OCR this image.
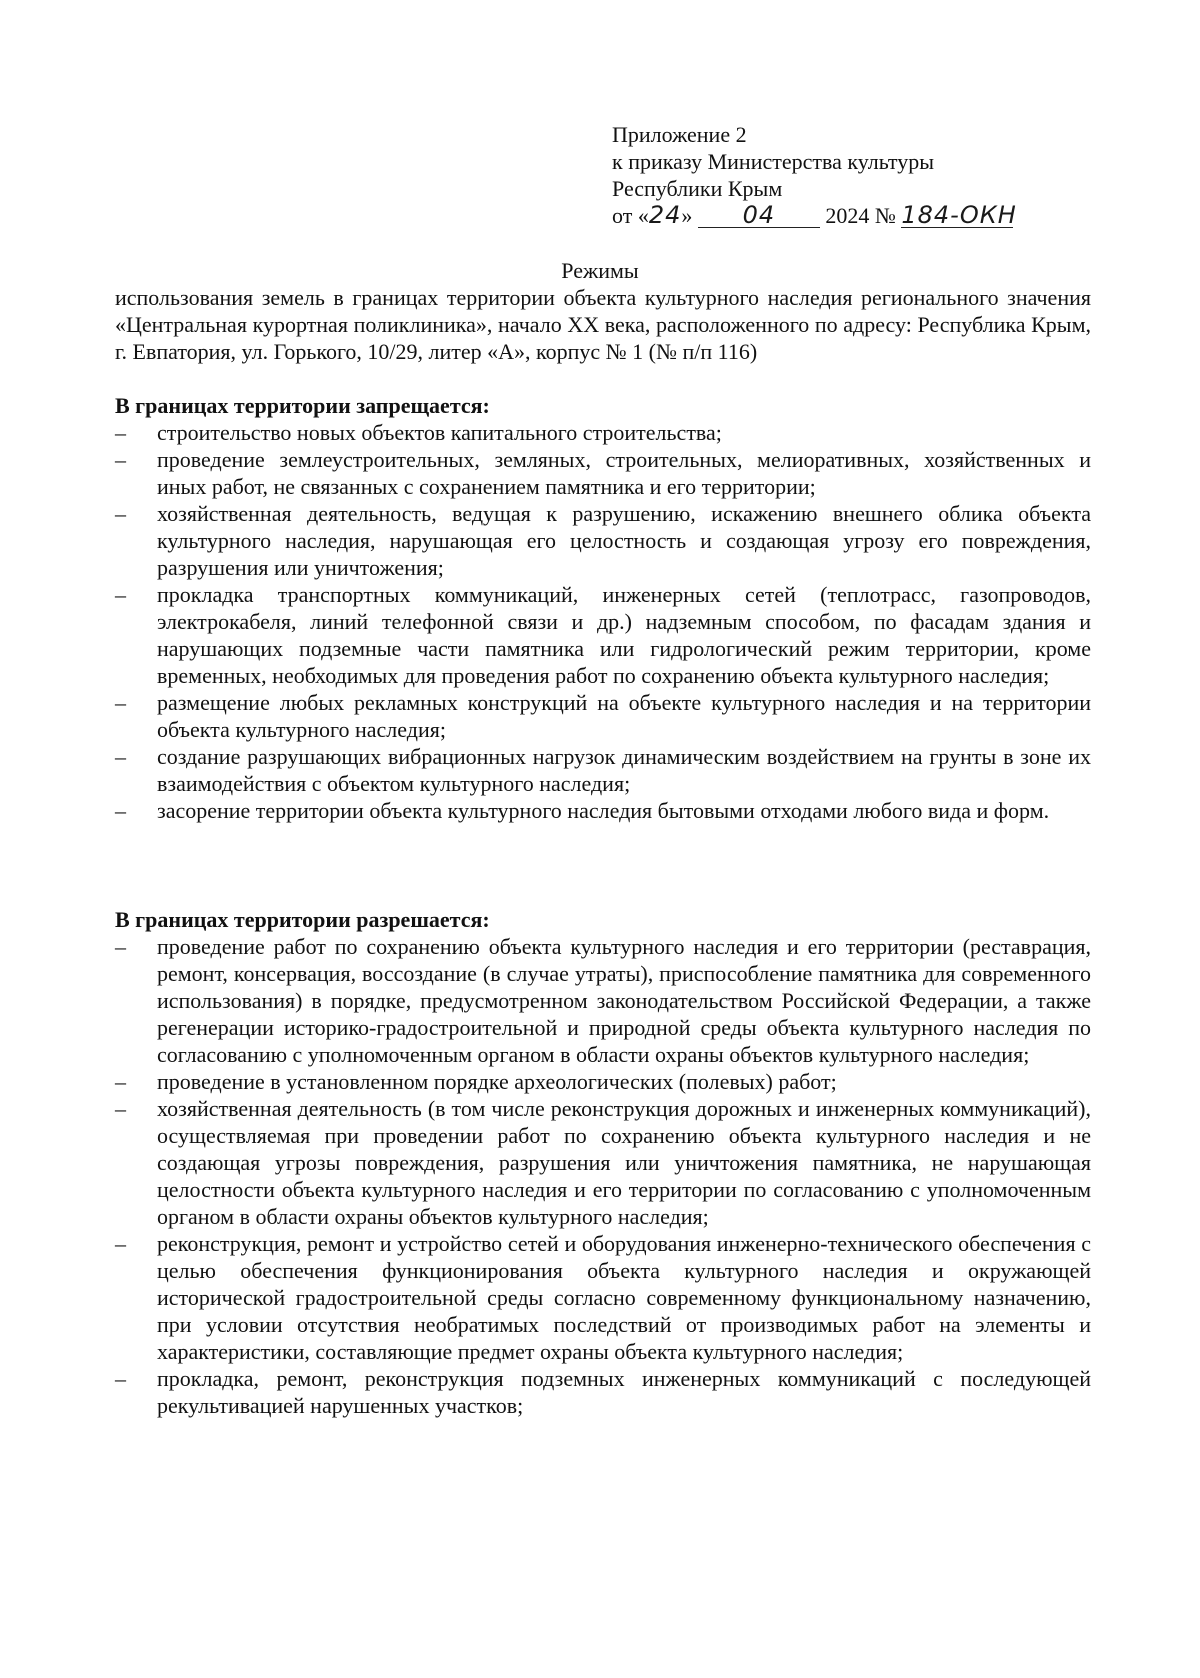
Приложение 2
к приказу Министерства культуры
Республики Крым
от «24» 04 2024 № 184-ОКН
Режимы
использования земель в границах территории объекта культурного наследия регионального значения «Центральная курортная поликлиника», начало XX века, расположенного по адресу: Республика Крым, г. Евпатория, ул. Горького, 10/29, литер «А», корпус № 1 (№ п/п 116)
В границах территории запрещается:
–	строительство новых объектов капитального строительства;
–	проведение землеустроительных, земляных, строительных, мелиоративных, хозяйственных и иных работ, не связанных с сохранением памятника и его территории;
–	хозяйственная деятельность, ведущая к разрушению, искажению внешнего облика объекта культурного наследия, нарушающая его целостность и создающая угрозу его повреждения, разрушения или уничтожения;
–	прокладка транспортных коммуникаций, инженерных сетей (теплотрасс, газопроводов, электрокабеля, линий телефонной связи и др.) надземным способом, по фасадам здания и нарушающих подземные части памятника или гидрологический режим территории, кроме временных, необходимых для проведения работ по сохранению объекта культурного наследия;
–	размещение любых рекламных конструкций на объекте культурного наследия и на территории объекта культурного наследия;
–	создание разрушающих вибрационных нагрузок динамическим воздействием на грунты в зоне их взаимодействия с объектом культурного наследия;
–	засорение территории объекта культурного наследия бытовыми отходами любого вида и форм.
В границах территории разрешается:
–	проведение работ по сохранению объекта культурного наследия и его территории (реставрация, ремонт, консервация, воссоздание (в случае утраты), приспособление памятника для современного использования) в порядке, предусмотренном законодательством Российской Федерации, а также регенерации историко-градостроительной и природной среды объекта культурного наследия по согласованию с уполномоченным органом в области охраны объектов культурного наследия;
–	проведение в установленном порядке археологических (полевых) работ;
–	хозяйственная деятельность (в том числе реконструкция дорожных и инженерных коммуникаций), осуществляемая при проведении работ по сохранению объекта культурного наследия и не создающая угрозы повреждения, разрушения или уничтожения памятника, не нарушающая целостности объекта культурного наследия и его территории по согласованию с уполномоченным органом в области охраны объектов культурного наследия;
–	реконструкция, ремонт и устройство сетей и оборудования инженерно-технического обеспечения с целью обеспечения функционирования объекта культурного наследия и окружающей исторической градостроительной среды согласно современному функциональному назначению, при условии отсутствия необратимых последствий от производимых работ на элементы и характеристики, составляющие предмет охраны объекта культурного наследия;
–	прокладка, ремонт, реконструкция подземных инженерных коммуникаций с последующей рекультивацией нарушенных участков;
